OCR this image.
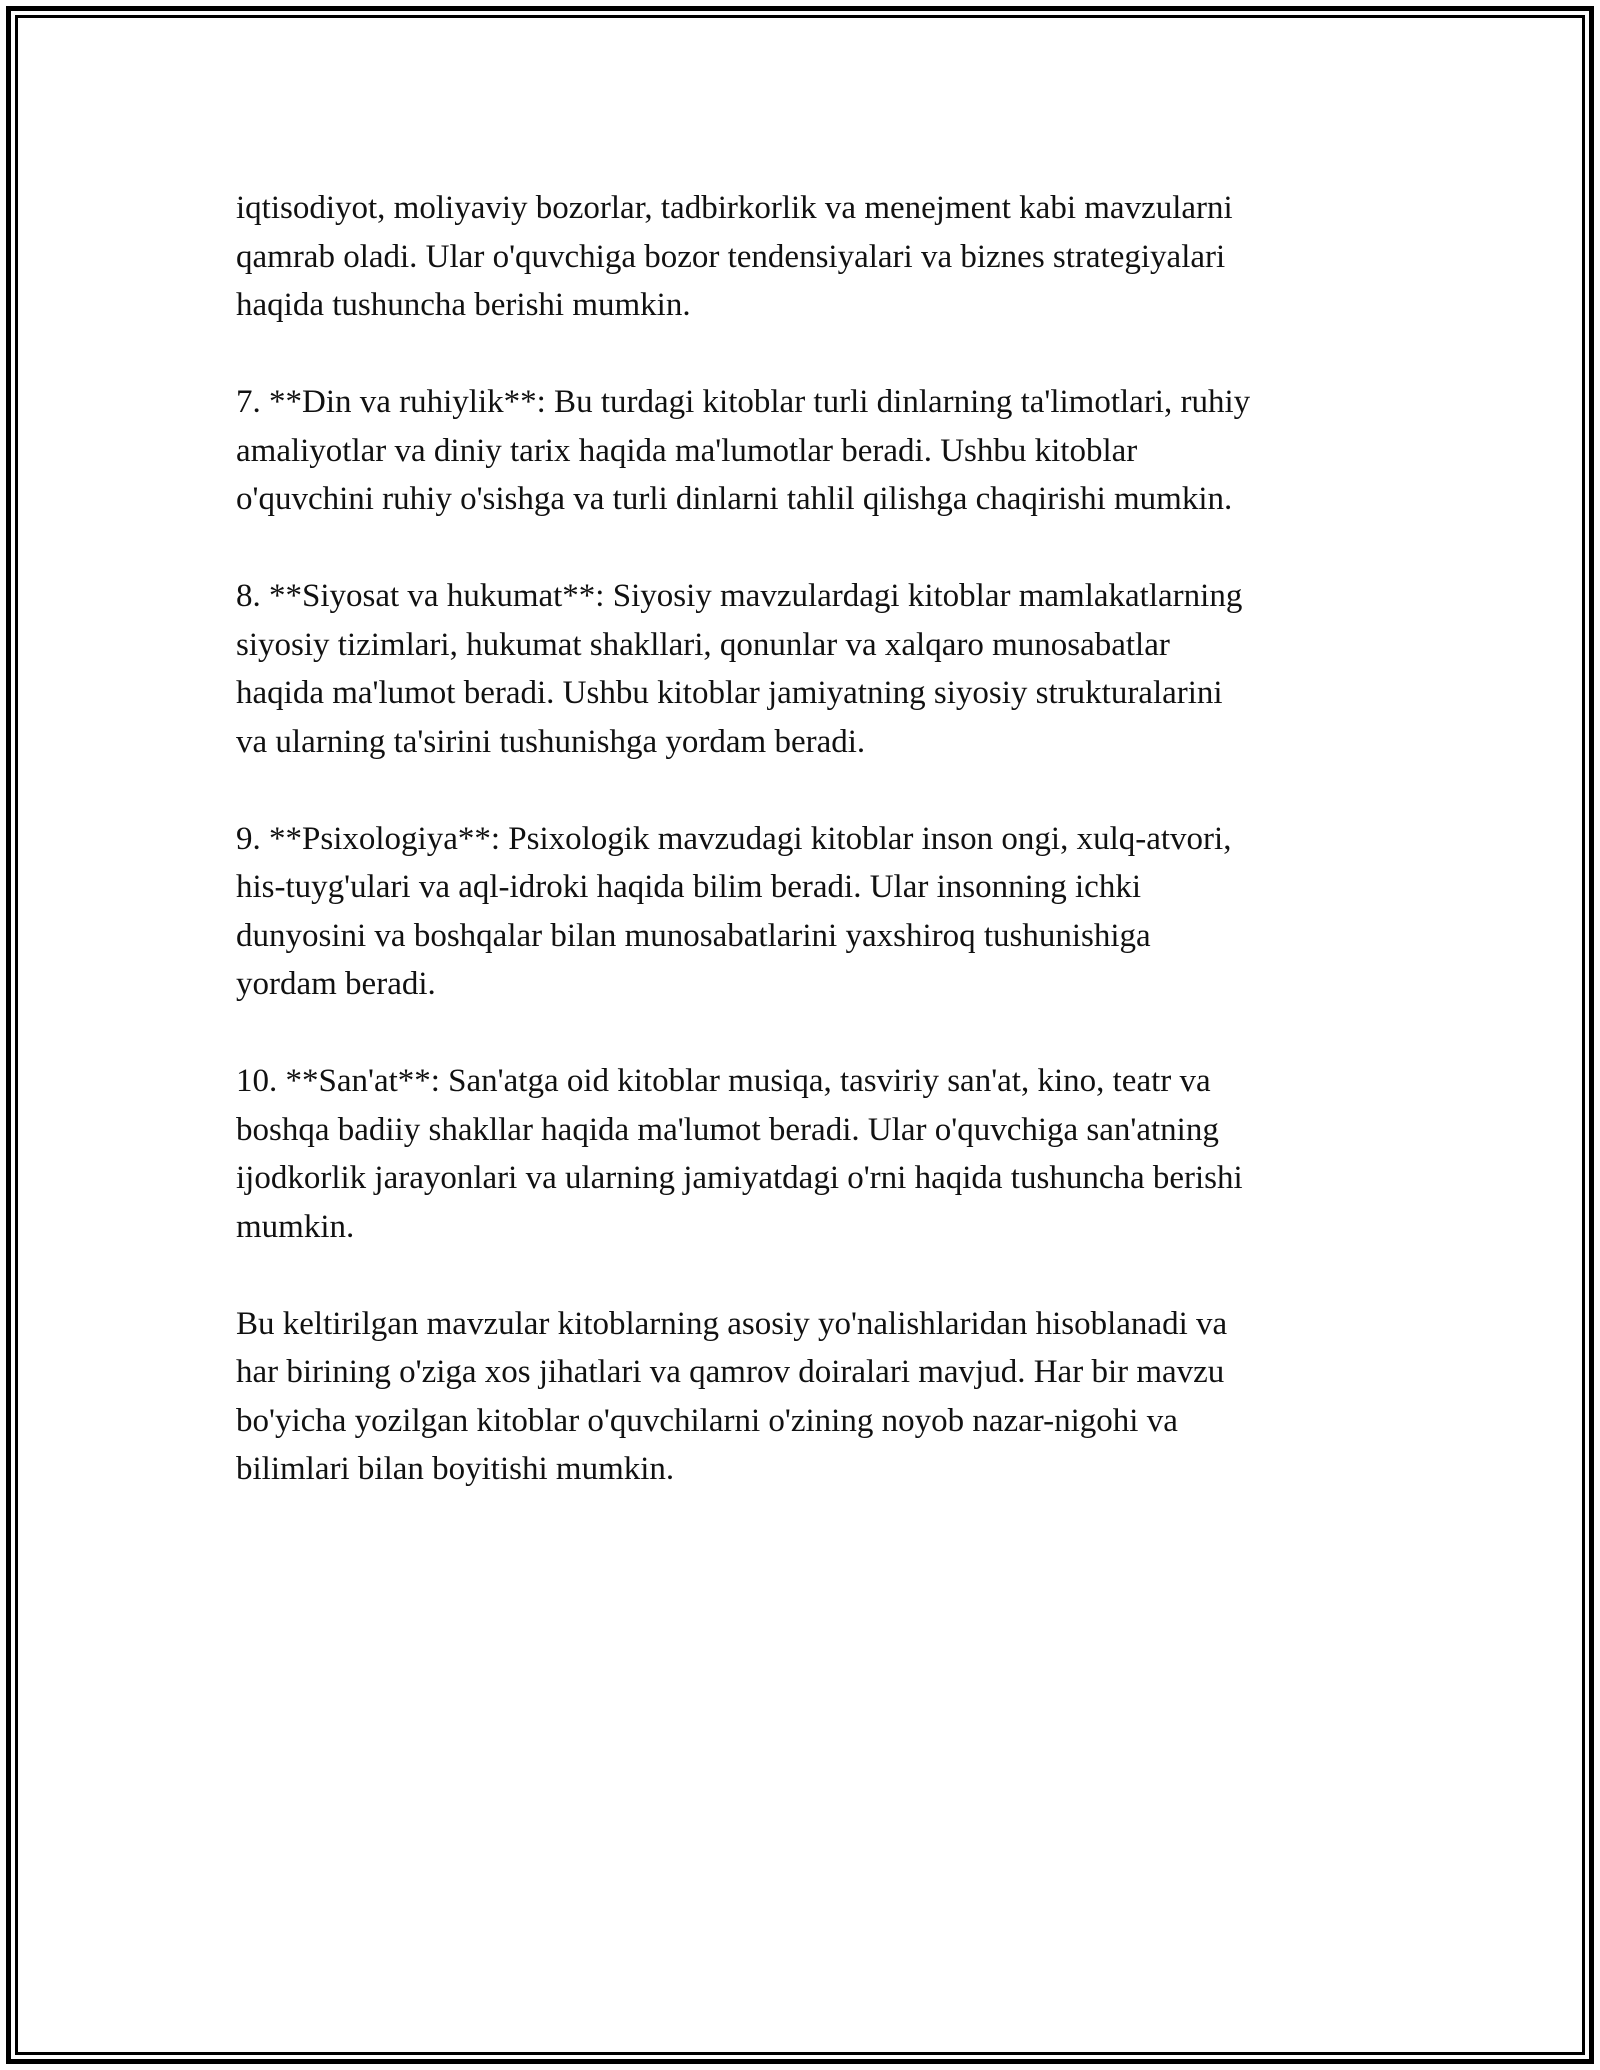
iqtisodiyot, moliyaviy bozorlar, tadbirkorlik va menejment kabi mavzularni
qamrab oladi. Ular o'quvchiga bozor tendensiyalari va biznes strategiyalari
haqida tushuncha berishi mumkin.

7. **Din va ruhiylik**: Bu turdagi kitoblar turli dinlarning ta'limotlari, ruhiy
amaliyotlar va diniy tarix haqida ma'lumotlar beradi. Ushbu kitoblar
o'quvchini ruhiy o'sishga va turli dinlarni tahlil qilishga chaqirishi mumkin.

8. **Siyosat va hukumat**: Siyosiy mavzulardagi kitoblar mamlakatlarning
siyosiy tizimlari, hukumat shakllari, qonunlar va xalqaro munosabatlar
haqida ma'lumot beradi. Ushbu kitoblar jamiyatning siyosiy strukturalarini
va ularning ta'sirini tushunishga yordam beradi.

9. **Psixologiya**: Psixologik mavzudagi kitoblar inson ongi, xulq-atvori,
his-tuyg'ulari va aql-idroki haqida bilim beradi. Ular insonning ichki
dunyosini va boshqalar bilan munosabatlarini yaxshiroq tushunishiga
yordam beradi.

10. **San'at**: San'atga oid kitoblar musiqa, tasviriy san'at, kino, teatr va
boshqa badiiy shakllar haqida ma'lumot beradi. Ular o'quvchiga san'atning
ijodkorlik jarayonlari va ularning jamiyatdagi o'rni haqida tushuncha berishi
mumkin.

Bu keltirilgan mavzular kitoblarning asosiy yo'nalishlaridan hisoblanadi va
har birining o'ziga xos jihatlari va qamrov doiralari mavjud. Har bir mavzu
bo'yicha yozilgan kitoblar o'quvchilarni o'zining noyob nazar-nigohi va
bilimlari bilan boyitishi mumkin.
